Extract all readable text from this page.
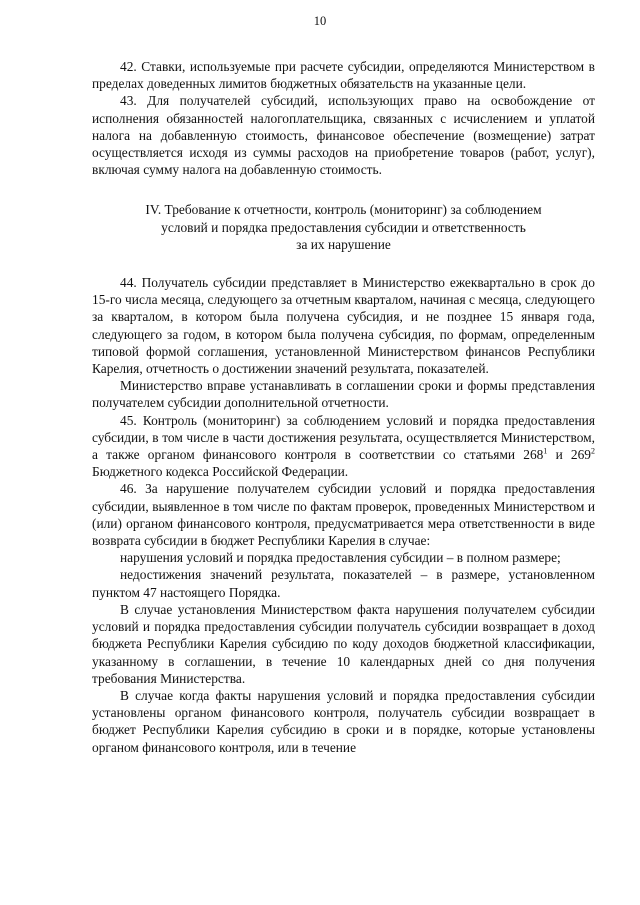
10

42. Ставки, используемые при расчете субсидии, определяются Министерством в пределах доведенных лимитов бюджетных обязательств на указанные цели.

43. Для получателей субсидий, использующих право на освобождение от исполнения обязанностей налогоплательщика, связанных с исчислением и уплатой налога на добавленную стоимость, финансовое обеспечение (возмещение) затрат осуществляется исходя из суммы расходов на приобретение товаров (работ, услуг), включая сумму налога на добавленную стоимость.

IV. Требование к отчетности, контроль (мониторинг) за соблюдением
условий и порядка предоставления субсидии и ответственность
за их нарушение

44. Получатель субсидии представляет в Министерство ежеквартально в срок до 15-го числа месяца, следующего за отчетным кварталом, начиная с месяца, следующего за кварталом, в котором была получена субсидия, и не позднее 15 января года, следующего за годом, в котором была получена субсидия, по формам, определенным типовой формой соглашения, установленной Министерством финансов Республики Карелия, отчетность о достижении значений результата, показателей.

Министерство вправе устанавливать в соглашении сроки и формы представления получателем субсидии дополнительной отчетности.

45. Контроль (мониторинг) за соблюдением условий и порядка предоставления субсидии, в том числе в части достижения результата, осуществляется Министерством, а также органом финансового контроля в соответствии со статьями $268^1$ и $269^2$ Бюджетного кодекса Российской Федерации.

46. За нарушение получателем субсидии условий и порядка предоставления субсидии, выявленное в том числе по фактам проверок, проведенных Министерством и (или) органом финансового контроля, предусматривается мера ответственности в виде возврата субсидии в бюджет Республики Карелия в случае:

нарушения условий и порядка предоставления субсидии – в полном размере;

недостижения значений результата, показателей – в размере, установленном пунктом 47 настоящего Порядка.

В случае установления Министерством факта нарушения получателем субсидии условий и порядка предоставления субсидии получатель субсидии возвращает в доход бюджета Республики Карелия субсидию по коду доходов бюджетной классификации, указанному в соглашении, в течение 10 календарных дней со дня получения требования Министерства.

В случае когда факты нарушения условий и порядка предоставления субсидии установлены органом финансового контроля, получатель субсидии возвращает в бюджет Республики Карелия субсидию в сроки и в порядке, которые установлены органом финансового контроля, или в течение
